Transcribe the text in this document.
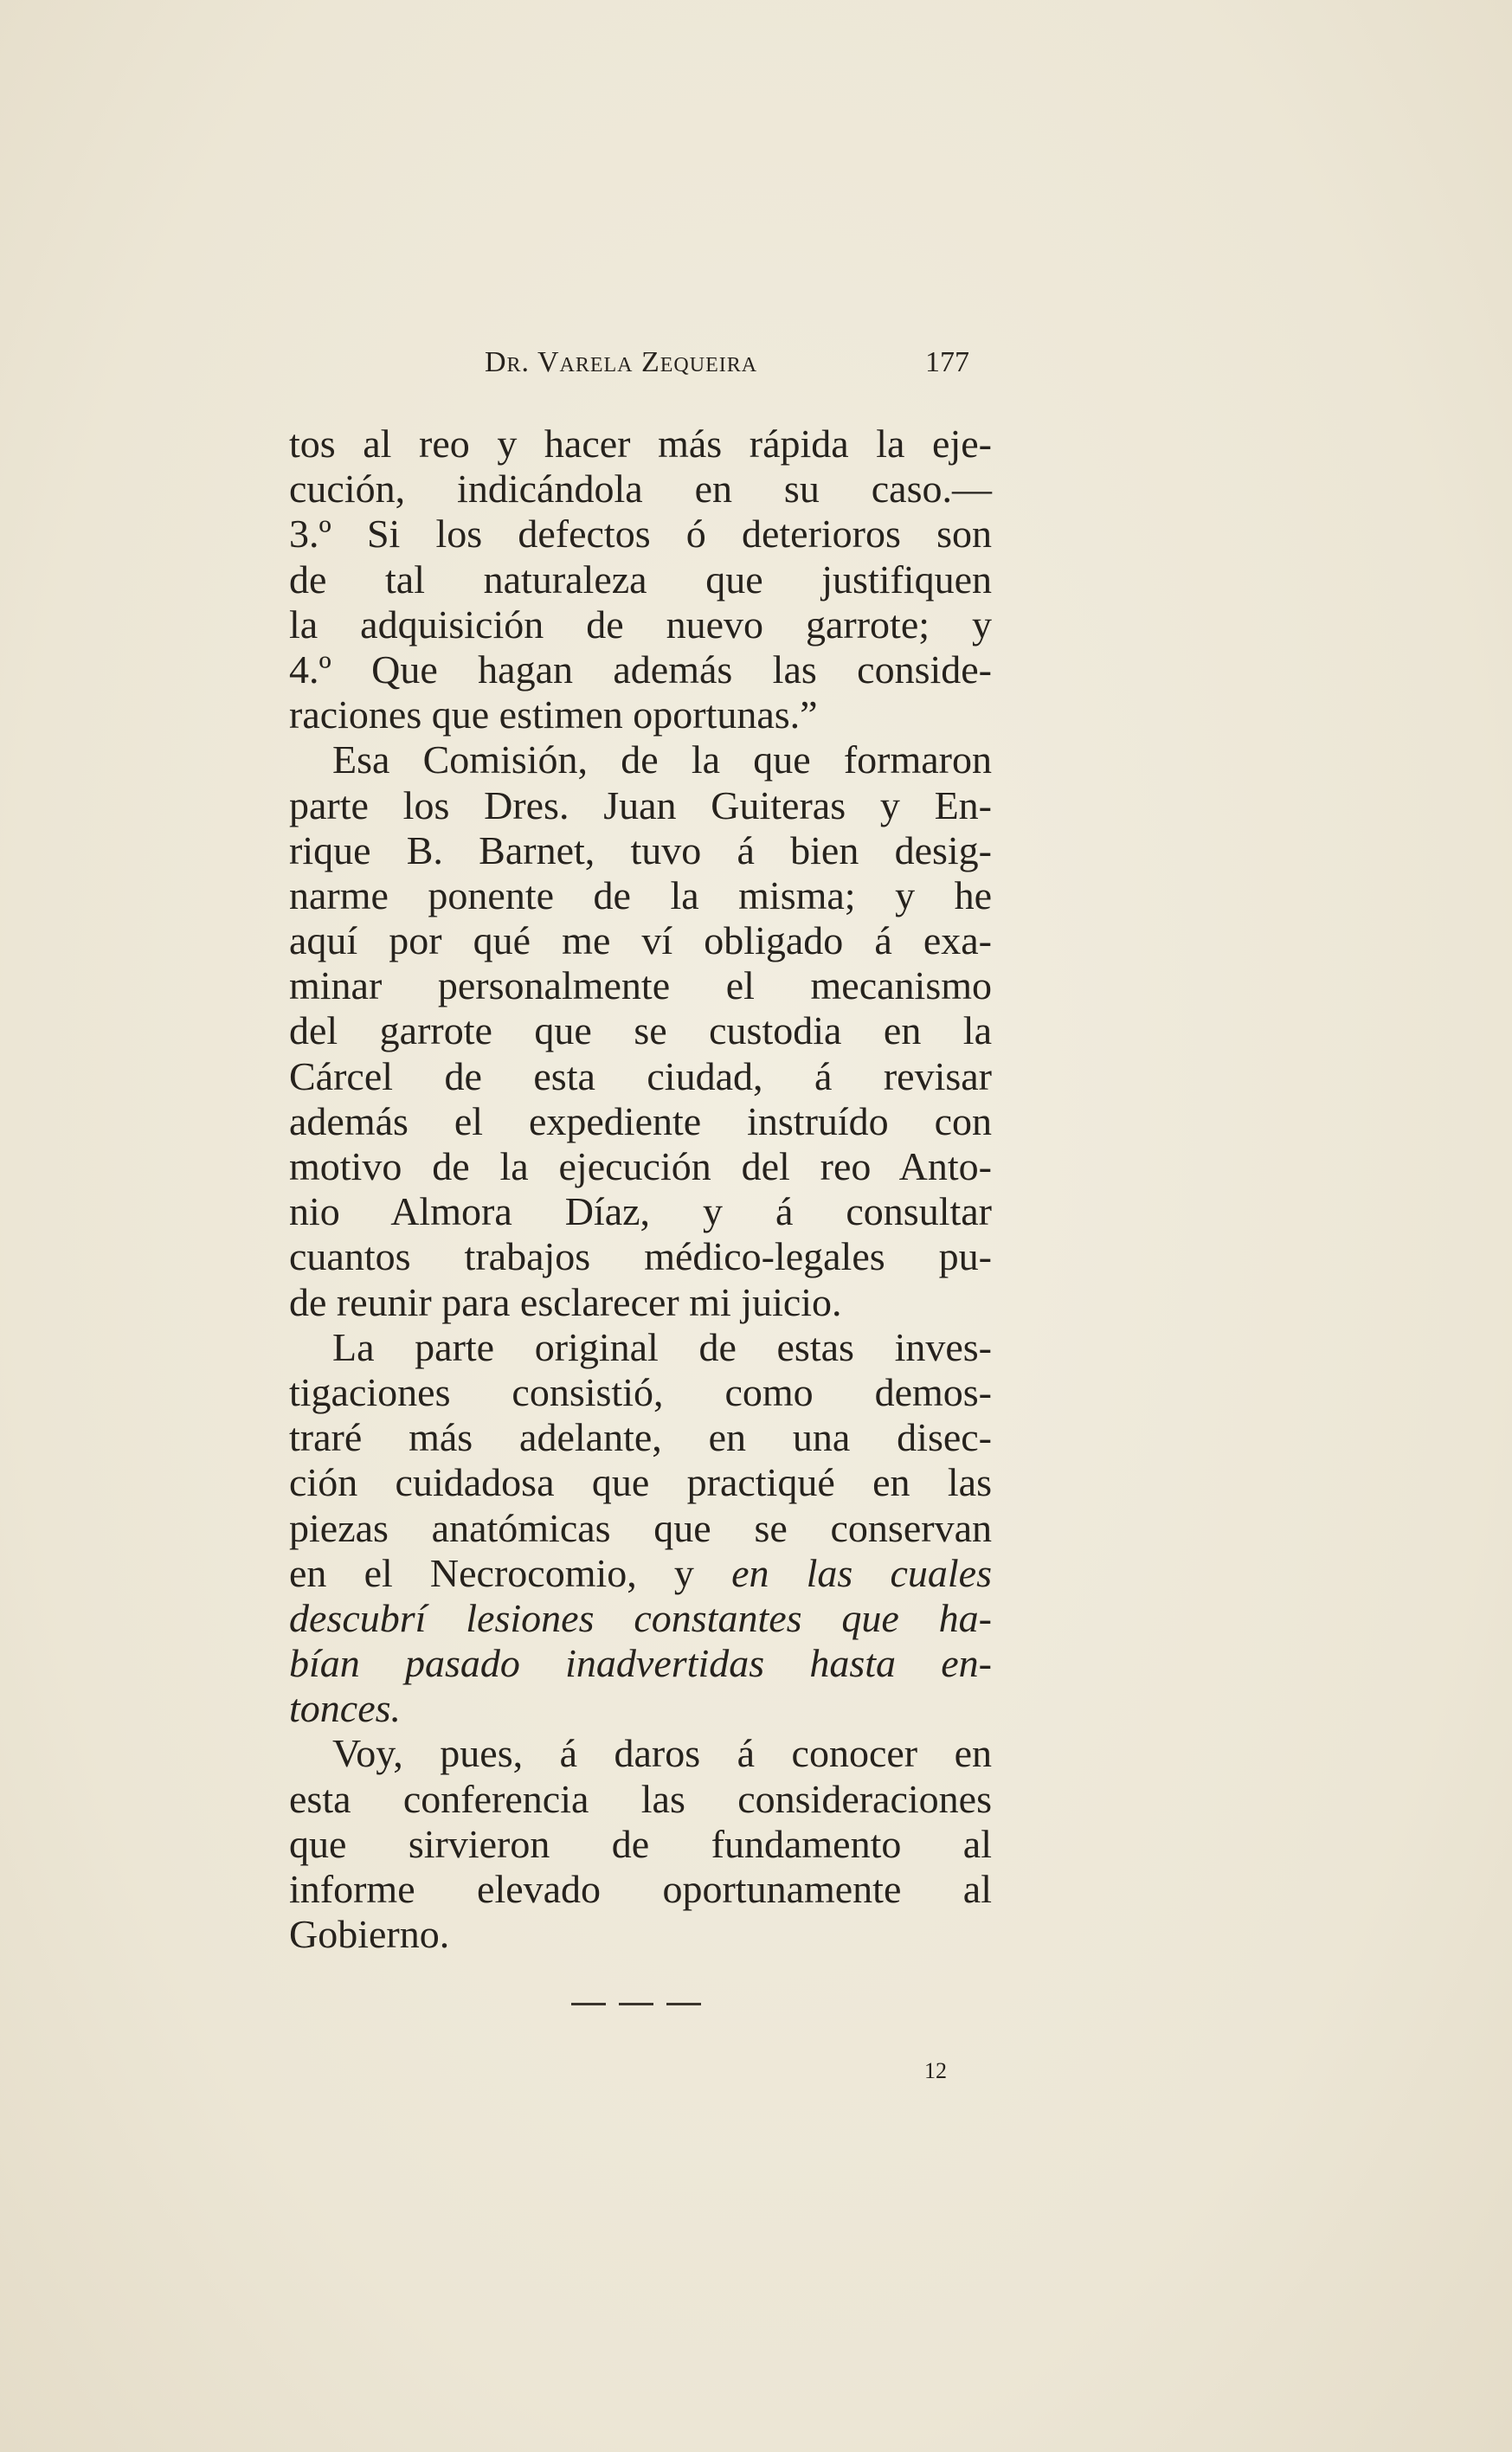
Dr. Varela Zequeira	177
tos al reo y hacer más rápida la eje-
cución, indicándola en su caso.—
3.º Si los defectos ó deterioros son
de tal naturaleza que justifiquen
la adquisición de nuevo garrote; y
4.º Que hagan además las conside-
raciones que estimen oportunas.”
Esa Comisión, de la que formaron
parte los Dres. Juan Guiteras y En-
rique B. Barnet, tuvo á bien desig-
narme ponente de la misma; y he
aquí por qué me ví obligado á exa-
minar personalmente el mecanismo
del garrote que se custodia en la
Cárcel de esta ciudad, á revisar
además el expediente instruído con
motivo de la ejecución del reo Anto-
nio Almora Díaz, y á consultar
cuantos trabajos médico-legales pu-
de reunir para esclarecer mi juicio.
La parte original de estas inves-
tigaciones consistió, como demos-
traré más adelante, en una disec-
ción cuidadosa que practiqué en las
piezas anatómicas que se conservan
en el Necrocomio, y en las cuales
descubrí lesiones constantes que ha-
bían pasado inadvertidas hasta en-
tonces.
Voy, pues, á daros á conocer en
esta conferencia las consideraciones
que sirvieron de fundamento al
informe elevado oportunamente al
Gobierno.
12
